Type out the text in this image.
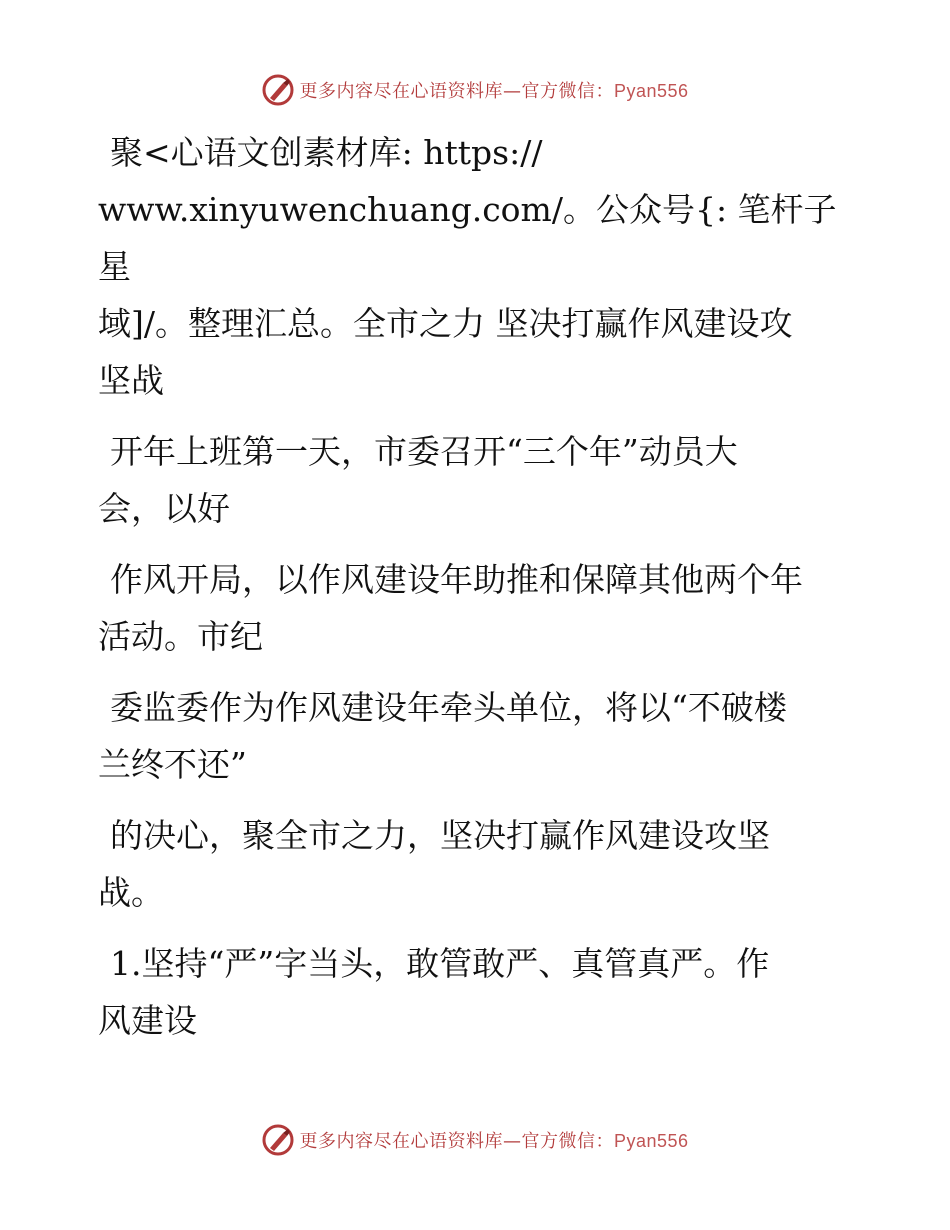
更多内容尽在心语资料库—官方微信：Pyan556

聚<心语文创素材库: https://
www.xinyuwenchuang.com/。公众号{: 笔杆子星
域]/。整理汇总。全市之力 坚决打赢作风建设攻
坚战

开年上班第一天，市委召开“三个年”动员大
会，以好

作风开局，以作风建设年助推和保障其他两个年
活动。市纪

委监委作为作风建设年牵头单位，将以“不破楼
兰终不还”

的决心，聚全市之力，坚决打赢作风建设攻坚
战。

1.坚持“严”字当头，敢管敢严、真管真严。作
风建设

更多内容尽在心语资料库—官方微信：Pyan556
